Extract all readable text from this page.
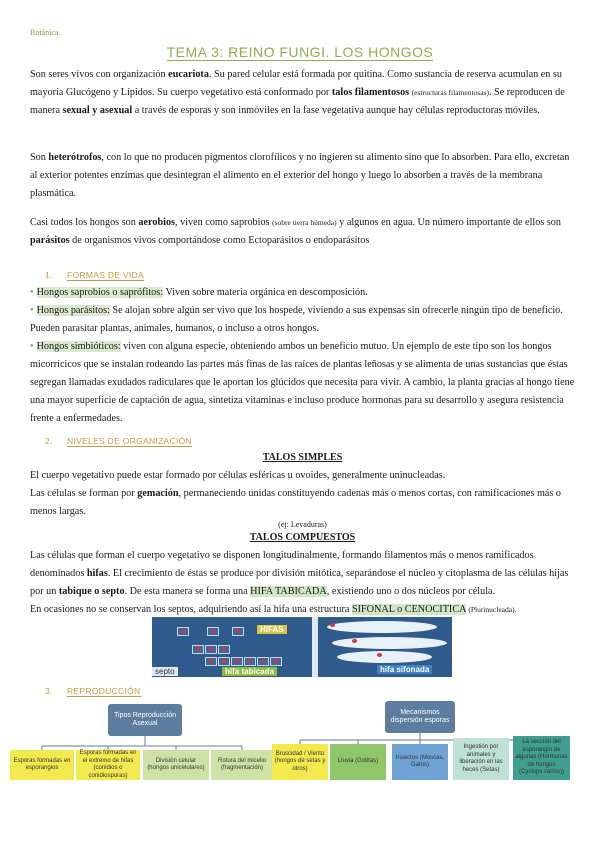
Botánica.
TEMA 3: REINO FUNGI. LOS HONGOS
Son seres vivos con organización eucariota. Su pared celular está formada por quitina. Como sustancia de reserva acumulan en su mayoría Glucógeno y Lípidos. Su cuerpo vegetativo está conformado por talos filamentosos (estructuras filamentosas). Se reproducen de manera sexual y asexual a través de esporas y son inmóviles en la fase vegetativa aunque hay células reproductoras móviles.
Son heterótrofos, con lo que no producen pigmentos clorofílicos y no ingieren su alimento sino que lo absorben. Para ello, excretan al exterior potentes enzimas que desintegran el alimento en el exterior del hongo y luego lo absorben a través de la membrana plasmática.
Casi todos los hongos son aerobios, viven como saprobios (sobre tierra húmeda) y algunos en agua. Un número importante de ellos son parásitos de organismos vivos comportándose como Ectoparásitos o endoparásitos
1. FORMAS DE VIDA
• Hongos saprobios o saprófitos: Viven sobre materia orgánica en descomposición.
• Hongos parásitos: Se alojan sobre algún ser vivo que los hospede, viviendo a sus expensas sin ofrecerle ningún tipo de beneficio. Pueden parasitar plantas, animales, humanos, o incluso a otros hongos.
• Hongos simbióticos: viven con alguna especie, obteniendo ambos un beneficio mutuo. Un ejemplo de este tipo son los hongos micorrícicos que se instalan rodeando las partes más finas de las raíces de plantas leñosas y se alimenta de unas sustancias que éstas segregan llamadas exudados radiculares que le aportan los glúcidos que necesita para vivir. A cambio, la planta gracias al hongo tiene una mayor superficie de captación de agua, sintetiza vitaminas e incluso produce hormonas para su desarrollo y asegura resistencia frente a enfermedades.
2. NIVELES DE ORGANIZACIÓN
TALOS SIMPLES
El cuerpo vegetativo puede estar formado por células esféricas u ovoides, generalmente uninucleadas.
Las células se forman por gemación, permaneciendo unidas constituyendo cadenas más o menos cortas, con ramificaciones más o menos largas.
(ej: Levaduras)
TALOS COMPUESTOS
Las células que forman el cuerpo vegetativo se disponen longitudinalmente, formando filamentos más o menos ramificados denominados hifas. El crecimiento de éstas se produce por división mitótica, separándose el núcleo y citoplasma de las células hijas por un tabique o septo. De esta manera se forma una HIFA TABICADA, existiendo uno o dos núcleos por célula.
En ocasiones no se conservan los septos, adquiriendo así la hifa una estructura SIFONAL o CENOCITICA (Plurinucleada).
HIFAS
septo	hifa tabicada	hifa sifonada
3. REPRODUCCIÓN
Tipos Reproducción Asexual
Mecanismos dispersión esporas
Esporas formadas en esporangios
Esporas formadas en el extremo de hifas (conidios o conidiosporas)
División celular (hongos unicelulares)
Rotura del micelio (fragmentación)
Bruscidad / Viento (hongos de setas y otros)
Lluvia (Gotitas)
Insectos (Moscas, Gatos)
Ingestión por animales y liberación en las heces (Setas)
La sección del esporangio de algunas (Hormonas de hongos (Cyclops varios))
